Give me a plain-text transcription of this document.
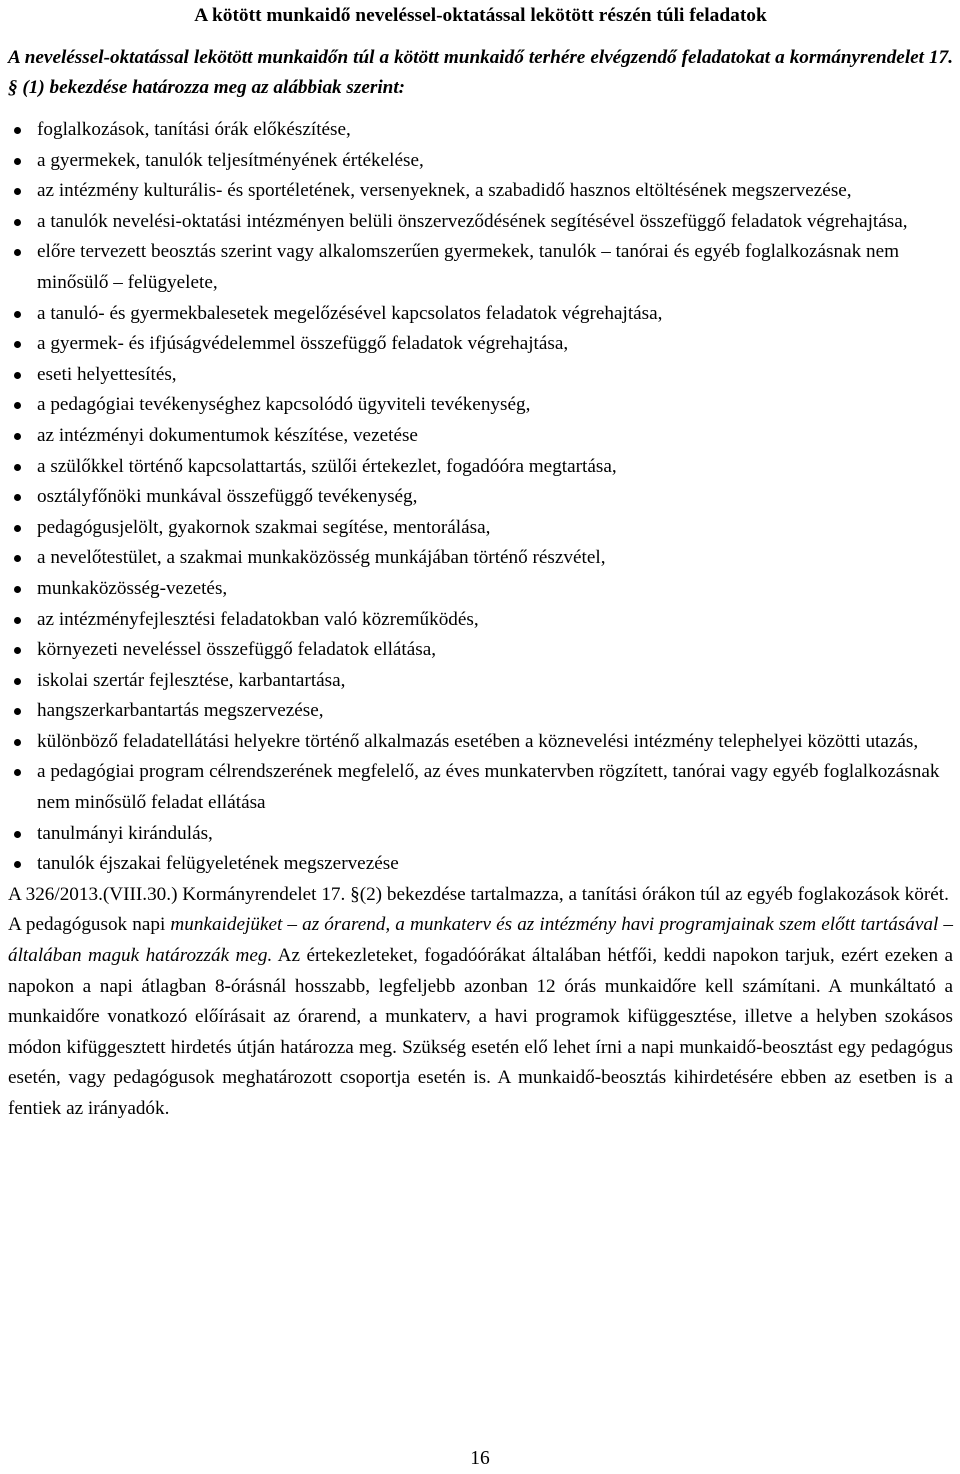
A kötött munkaidő neveléssel-oktatással lekötött részén túli feladatok

A neveléssel-oktatással lekötött munkaidőn túl a kötött munkaidő terhére elvégzendő feladatokat a kormányrendelet 17. § (1) bekezdése határozza meg az alábbiak szerint:

foglalkozások, tanítási órák előkészítése,
a gyermekek, tanulók teljesítményének értékelése,
az intézmény kulturális- és sportéletének, versenyeknek, a szabadidő hasznos eltöltésének megszervezése,
a tanulók nevelési-oktatási intézményen belüli önszerveződésének segítésével összefüggő feladatok végrehajtása,
előre tervezett beosztás szerint vagy alkalomszerűen gyermekek, tanulók – tanórai és egyéb foglalkozásnak nem minősülő – felügyelete,
a tanuló- és gyermekbalesetek megelőzésével kapcsolatos feladatok végrehajtása,
a gyermek- és ifjúságvédelemmel összefüggő feladatok végrehajtása,
eseti helyettesítés,
a pedagógiai tevékenységhez kapcsolódó ügyviteli tevékenység,
az intézményi dokumentumok készítése, vezetése
a szülőkkel történő kapcsolattartás, szülői értekezlet, fogadóóra megtartása,
osztályfőnöki munkával összefüggő tevékenység,
pedagógusjelölt, gyakornok szakmai segítése, mentorálása,
a nevelőtestület, a szakmai munkaközösség munkájában történő részvétel,
munkaközösség-vezetés,
az intézményfejlesztési feladatokban való közreműködés,
környezeti neveléssel összefüggő feladatok ellátása,
iskolai szertár fejlesztése, karbantartása,
hangszerkarbantartás megszervezése,
különböző feladatellátási helyekre történő alkalmazás esetében a köznevelési intézmény telephelyei közötti utazás,
a pedagógiai program célrendszerének megfelelő, az éves munkatervben rögzített, tanórai vagy egyéb foglalkozásnak nem minősülő feladat ellátása
tanulmányi kirándulás,
tanulók éjszakai felügyeletének megszervezése

A 326/2013.(VIII.30.) Kormányrendelet 17. §(2) bekezdése tartalmazza, a tanítási órákon túl az egyéb foglakozások körét.

A pedagógusok napi munkaidejüket – az órarend, a munkaterv és az intézmény havi programjainak szem előtt tartásával – általában maguk határozzák meg. Az értekezleteket, fogadóórákat általában hétfői, keddi napokon tarjuk, ezért ezeken a napokon a napi átlagban 8-órásnál hosszabb, legfeljebb azonban 12 órás munkaidőre kell számítani. A munkáltató a munkaidőre vonatkozó előírásait az órarend, a munkaterv, a havi programok kifüggesztése, illetve a helyben szokásos módon kifüggesztett hirdetés útján határozza meg. Szükség esetén elő lehet írni a napi munkaidő-beosztást egy pedagógus esetén, vagy pedagógusok meghatározott csoportja esetén is. A munkaidő-beosztás kihirdetésére ebben az esetben is a fentiek az irányadók.

16
